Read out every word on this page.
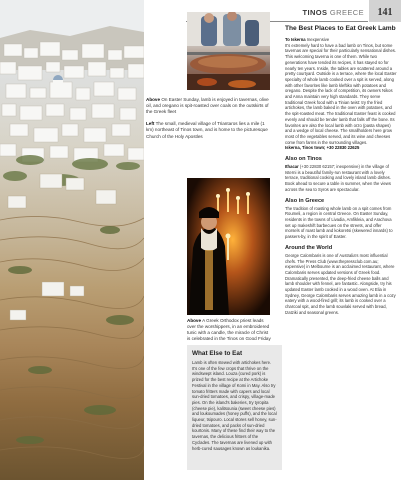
TINOS GREECE	141
Above On Easter Sunday, lamb is enjoyed in tavernas, olive oil, and oregano is spit-roasted over coals on the outskirts of the Greek fleet

Left The small, medieval village of Triantaros lies a mile (1 km) northeast of Tinos town, and is home to the picturesque Church of the Holy Apostles
Above A Greek Orthodox priest leads over the worshippers, in an embroidered tunic with a candle, the miracle of Christ is celebrated in the Tinos on Good Friday
What Else to Eat

Lamb is often stewed with artichokes here. It's one of the few crops that thrive on the windswept island. Louza (cured pork) is prized for the best recipe at the Artichoke Festival in the village of Komi in May. Also try tomato fritters made with capers and local sun-dried tomatoes, and crispy, village-made pies. On the island's bakeries, try tyropita (cheese pie), kalitsounia (sweet cheese pies) and loukoumades (honey puffs), and the local liqueur, tsipouro. Local stores sell honey, sun-dried tomatoes, and packs of sun-dried kourtonis. Many of these find their way to the tavernas, the delicious fritters of the Cyclades. The tavernas are livened up with herb-cured sausages known as loukanika.

The Best Places to Eat Greek Lamb

To Iskerna Inexpensive

It's extremely hard to have a bad lamb on Tinos, but some tavernas are special for their particularly sensational dishes. This welcoming taverna is one of them. While two generations have tended its recipes, it has stayed so for nearly ten years. Inside, the tables are scattered around a pretty courtyard. Outside is a terrace, where the local Easter specialty of whole lamb cooked over a spit is served, along with other favorites like lamb kleftiko with potatoes and oregano. Despite the lack of competition, its owners Nikos and Anna maintain very high standards. They serve traditional Greek food with a Tinian twist: try the fried artichokes, the lamb baked in the oven with potatoes, and the spit-roasted meat. The traditional Easter feast is cooked evenly and should be tender lamb that falls off the bone. Its favorites are also the local lamb with orzo (pasta shapes) and a wedge of local cheese. The smallholders here grow most of the vegetables served, and its wine and cheeses come from farms in the surrounding villages.

Iskerna, Tinos town; +30 22830 22625

Also on Tinos

Ithacar (+30 22830 62157; inexpensive) in the village of Isterni is a beautiful family-run restaurant with a lovely terrace, traditional cooking and lovely island lamb dishes. Book ahead to secure a table in summer, when the views across the sea to Syros are spectacular.

Also in Greece

The tradition of roasting whole lamb on a spit comes from Roumeli, a region in central Greece. On Easter Sunday, residents in the towns of Livadia, Amfikleia, and Arachova set up makeshift barbecues on the streets, and offer morsels of roast lamb and kokoretsi (skewered innards) to passers-by, in the spirit of Easter.

Around the World

George Calombaris is one of Australia's most influential chefs. The Press Club (www.thepressclub.com.au; expensive) in Melbourne is an acclaimed restaurant, where Calombaris serves updated versions of Greek food. Dramatically presented, the deep-fried cheese balls and lamb shoulder with fennel, are fantastic. Alongside, try his updated Easter lamb cooked in a wood oven. At Elia in Sydney, George Calombaris serves amazing lamb in a cozy eatery with a wood-fired grill; its lamb is cooked over a charcoal spit, and the lamb souvlaki served with bread, tzatziki and seasonal greens.
